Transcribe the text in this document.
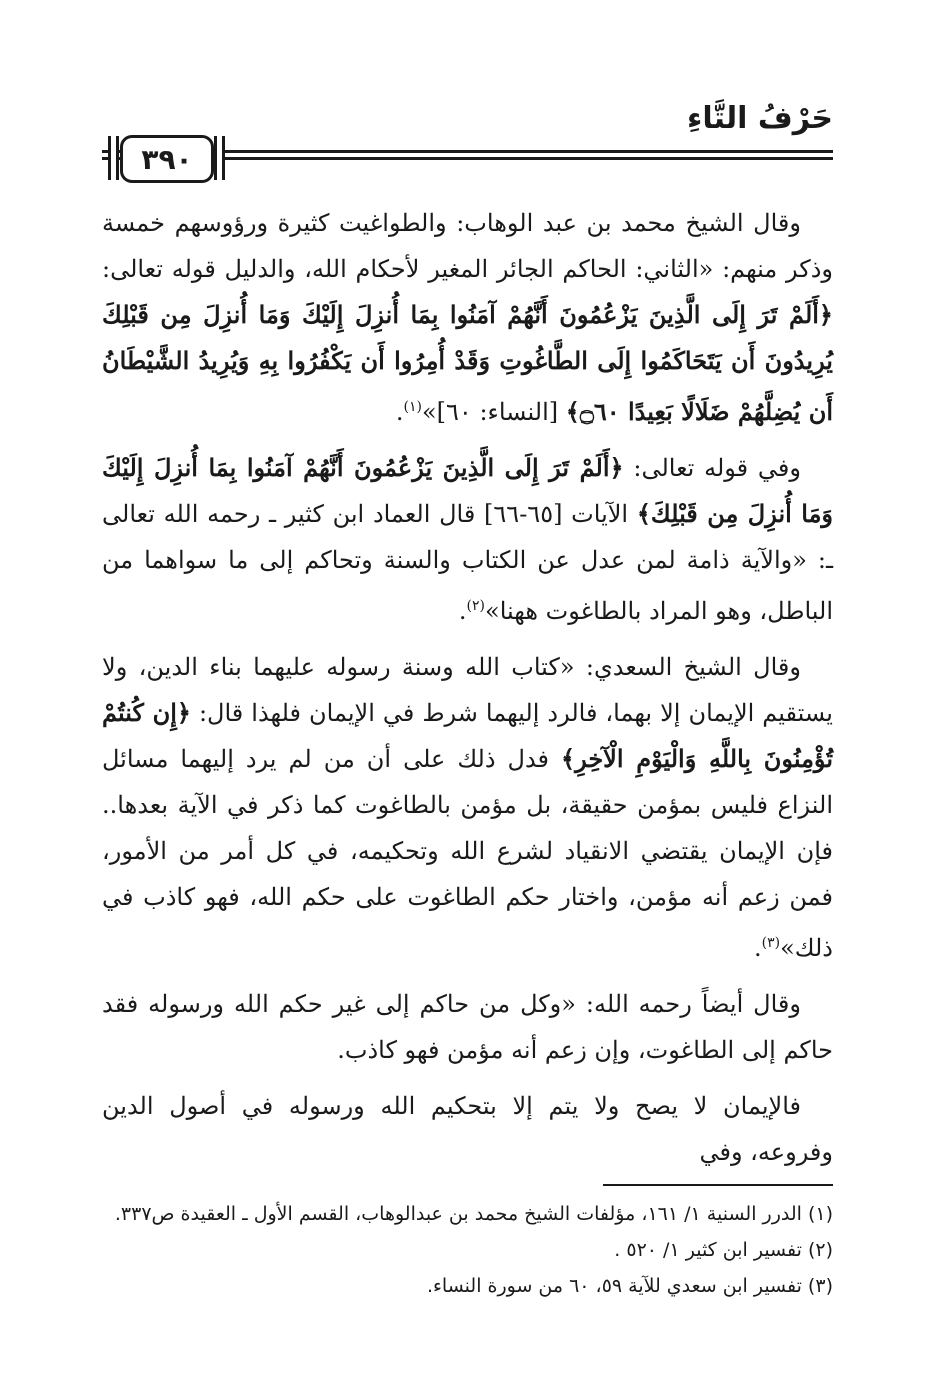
حَرْفُ التَّاءِ
٣٩٠

وقال الشيخ محمد بن عبد الوهاب: والطواغيت كثيرة ورؤوسهم خمسة وذكر منهم: «الثاني: الحاكم الجائر المغير لأحكام الله، والدليل قوله تعالى: ﴿أَلَمْ تَرَ إِلَى الَّذِينَ يَزْعُمُونَ أَنَّهُمْ آمَنُوا بِمَا أُنزِلَ إِلَيْكَ وَمَا أُنزِلَ مِن قَبْلِكَ يُرِيدُونَ أَن يَتَحَاكَمُوا إِلَى الطَّاغُوتِ وَقَدْ أُمِرُوا أَن يَكْفُرُوا بِهِ وَيُرِيدُ الشَّيْطَانُ أَن يُضِلَّهُمْ ضَلَالًا بَعِيدًا ۝٦٠﴾ [النساء: ٦٠]»$^{(١)}$.

وفي قوله تعالى: ﴿أَلَمْ تَرَ إِلَى الَّذِينَ يَزْعُمُونَ أَنَّهُمْ آمَنُوا بِمَا أُنزِلَ إِلَيْكَ وَمَا أُنزِلَ مِن قَبْلِكَ﴾ الآيات [٦٥-٦٦] قال العماد ابن كثير ـ رحمه الله تعالى ـ: «والآية ذامة لمن عدل عن الكتاب والسنة وتحاكم إلى ما سواهما من الباطل، وهو المراد بالطاغوت ههنا»$^{(٢)}$.

وقال الشيخ السعدي: «كتاب الله وسنة رسوله عليهما بناء الدين، ولا يستقيم الإيمان إلا بهما، فالرد إليهما شرط في الإيمان فلهذا قال: ﴿إِن كُنتُمْ تُؤْمِنُونَ بِاللَّهِ وَالْيَوْمِ الْآخِرِ﴾ فدل ذلك على أن من لم يرد إليهما مسائل النزاع فليس بمؤمن حقيقة، بل مؤمن بالطاغوت كما ذكر في الآية بعدها.. فإن الإيمان يقتضي الانقياد لشرع الله وتحكيمه، في كل أمر من الأمور، فمن زعم أنه مؤمن، واختار حكم الطاغوت على حكم الله، فهو كاذب في ذلك»$^{(٣)}$.

وقال أيضاً رحمه الله: «وكل من حاكم إلى غير حكم الله ورسوله فقد حاكم إلى الطاغوت، وإن زعم أنه مؤمن فهو كاذب.

فالإيمان لا يصح ولا يتم إلا بتحكيم الله ورسوله في أصول الدين وفروعه، وفي

(١) الدرر السنية ١/ ١٦١، مؤلفات الشيخ محمد بن عبدالوهاب، القسم الأول ـ العقيدة ص٣٣٧.
(٢) تفسير ابن كثير ١/ ٥٢٠ .
(٣) تفسير ابن سعدي للآية ٥٩، ٦٠ من سورة النساء.
